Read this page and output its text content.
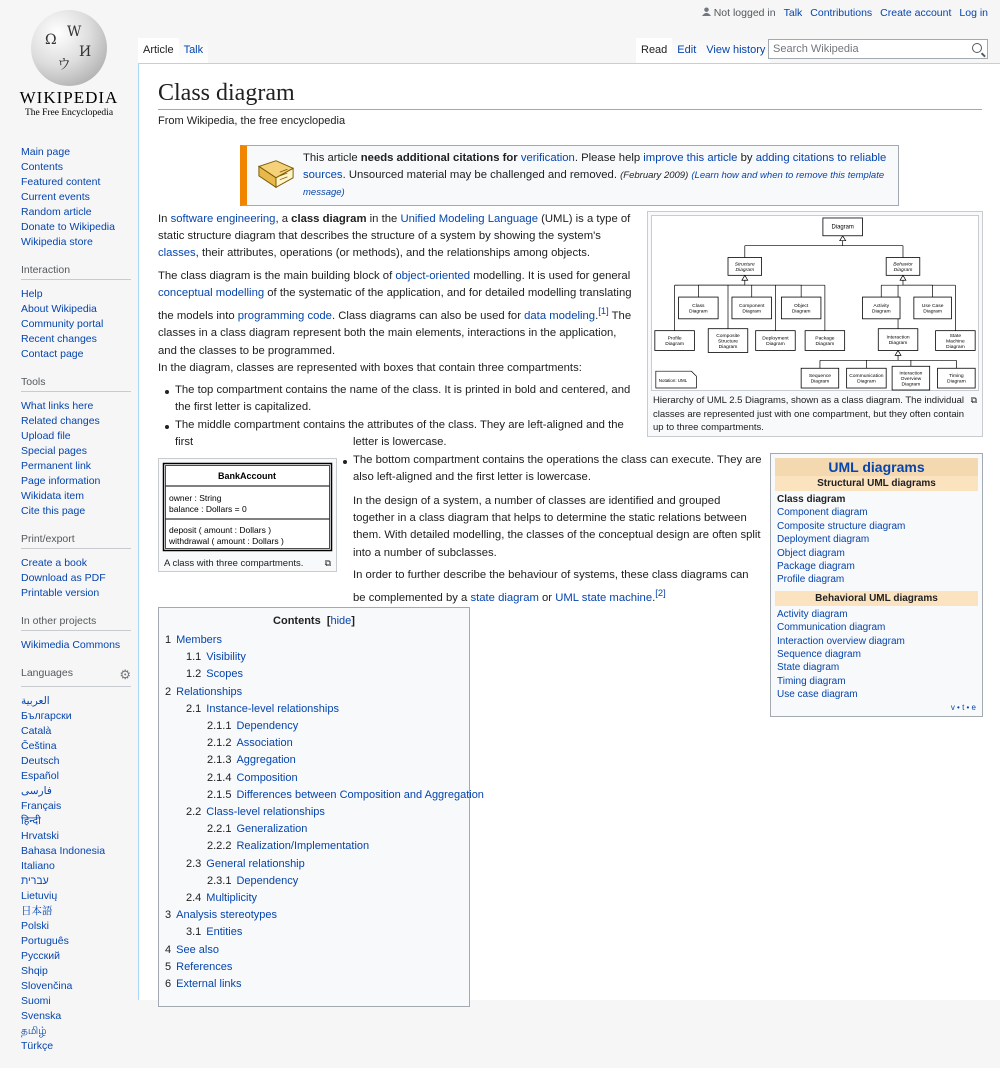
Ω W
И
ウ
WIKIPEDIA
The Free Encyclopedia
Not logged in Talk Contributions Create account Log in
Article Talk	Read Edit View history Search Wikipedia
Main page
Contents
Featured content
Current events
Random article
Donate to Wikipedia
Wikipedia store
Interaction
Help
About Wikipedia
Community portal
Recent changes
Contact page
Tools
What links here
Related changes
Upload file
Special pages
Permanent link
Page information
Wikidata item
Cite this page
Print/export
Create a book
Download as PDF
Printable version
In other projects
Wikimedia Commons
Languages	⚙
العربية
Български
Català
Čeština
Deutsch
Español
فارسی
Français
हिन्दी
Hrvatski
Bahasa Indonesia
Italiano
עברית
Lietuvių
日本語
Polski
Português
Русский
Shqip
Slovenčina
Suomi
Svenska
தமிழ்
Türkçe
Class diagram
From Wikipedia, the free encyclopedia
This article needs additional citations for verification. Please help improve this article by adding citations to reliable sources. Unsourced material may be challenged and removed. (February 2009) (Learn how and when to remove this template message)
In software engineering, a class diagram in the Unified Modeling Language (UML) is a type of static structure diagram that describes the structure of a system by showing the system's classes, their attributes, operations (or methods), and the relationships among objects.
The class diagram is the main building block of object-oriented modelling. It is used for general conceptual modelling of the systematic of the application, and for detailed modelling translating the models into programming code. Class diagrams can also be used for data modeling.[1] The classes in a class diagram represent both the main elements, interactions in the application, and the classes to be programmed.
In the diagram, classes are represented with boxes that contain three compartments:
The top compartment contains the name of the class. It is printed in bold and centered, and the first letter is capitalized.
The middle compartment contains the attributes of the class. They are left-aligned and the first	letter is lowercase.
The bottom compartment contains the operations the class can execute. They are also left-aligned and the first letter is lowercase.
In the design of a system, a number of classes are identified and grouped together in a class diagram that helps to determine the static relations between them. With detailed modelling, the classes of the conceptual design are often split into a number of subclasses.
In order to further describe the behaviour of systems, these class diagrams can be complemented by a state diagram or UML state machine.[2]
Diagram
Structure
Diagram
Behavior
Diagram
Class
Diagram
Component
Diagram
Object
Diagram
Activity
Diagram
Use Case
Diagram
Profile
Diagram
Composite
Structure
Diagram
Deployment
Diagram
Package
Diagram
Interaction
Diagram
State
Machine
Diagram
Sequence
Diagram
Communication
Diagram
Interaction
Overview
Diagram
Timing
Diagram
Notation: UML
⧉
Hierarchy of UML 2.5 Diagrams, shown as a class diagram. The individual classes are represented just with one compartment, but they often contain up to three compartments.
BankAccount
owner : String
balance : Dollars = 0
deposit ( amount : Dollars )
withdrawal ( amount : Dollars )
⧉
A class with three compartments.
UML diagrams
Structural UML diagrams
Class diagram
Component diagram
Composite structure diagram
Deployment diagram
Object diagram
Package diagram
Profile diagram
Behavioral UML diagrams
Activity diagram
Communication diagram
Interaction overview diagram
Sequence diagram
State diagram
Timing diagram
Use case diagram
v • t • e
Contents  [hide]
1 Members
1.1 Visibility
1.2 Scopes
2 Relationships
2.1 Instance-level relationships
2.1.1 Dependency
2.1.2 Association
2.1.3 Aggregation
2.1.4 Composition
2.1.5 Differences between Composition and Aggregation
2.2 Class-level relationships
2.2.1 Generalization
2.2.2 Realization/Implementation
2.3 General relationship
2.3.1 Dependency
2.4 Multiplicity
3 Analysis stereotypes
3.1 Entities
4 See also
5 References
6 External links
